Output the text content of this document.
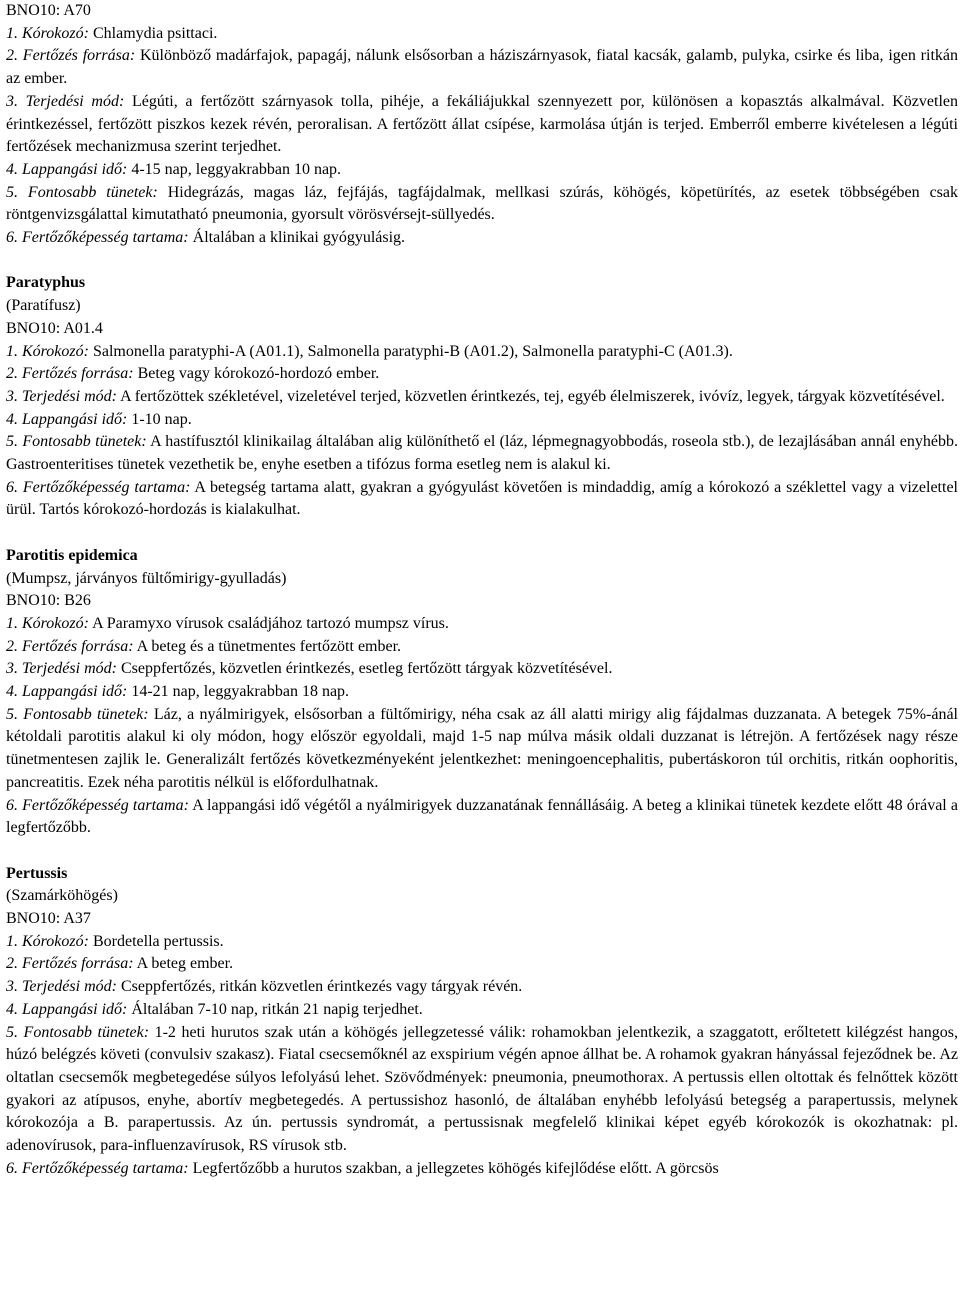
BNO10: A70

1. Kórokozó: Chlamydia psittaci.

2. Fertőzés forrása: Különböző madárfajok, papagáj, nálunk elsősorban a háziszárnyasok, fiatal kacsák, galamb, pulyka, csirke és liba, igen ritkán az ember.

3. Terjedési mód: Légúti, a fertőzött szárnyasok tolla, pihéje, a fekáliájukkal szennyezett por, különösen a kopasztás alkalmával. Közvetlen érintkezéssel, fertőzött piszkos kezek révén, peroralisan. A fertőzött állat csípése, karmolása útján is terjed. Emberről emberre kivételesen a légúti fertőzések mechanizmusa szerint terjedhet.

4. Lappangási idő: 4-15 nap, leggyakrabban 10 nap.

5. Fontosabb tünetek: Hidegrázás, magas láz, fejfájás, tagfájdalmak, mellkasi szúrás, köhögés, köpetürítés, az esetek többségében csak röntgenvizsgálattal kimutatható pneumonia, gyorsult vörösvérsejt-süllyedés.

6. Fertőzőképesség tartama: Általában a klinikai gyógyulásig.

Paratyphus

(Paratífusz)

BNO10: A01.4

1. Kórokozó: Salmonella paratyphi-A (A01.1), Salmonella paratyphi-B (A01.2), Salmonella paratyphi-C (A01.3).

2. Fertőzés forrása: Beteg vagy kórokozó-hordozó ember.

3. Terjedési mód: A fertőzöttek székletével, vizeletével terjed, közvetlen érintkezés, tej, egyéb élelmiszerek, ivóvíz, legyek, tárgyak közvetítésével.

4. Lappangási idő: 1-10 nap.

5. Fontosabb tünetek: A hastífusztól klinikailag általában alig különíthető el (láz, lépmegnagyobbodás, roseola stb.), de lezajlásában annál enyhébb. Gastroenteritises tünetek vezethetik be, enyhe esetben a tifózus forma esetleg nem is alakul ki.

6. Fertőzőképesség tartama: A betegség tartama alatt, gyakran a gyógyulást követően is mindaddig, amíg a kórokozó a széklettel vagy a vizelettel ürül. Tartós kórokozó-hordozás is kialakulhat.

Parotitis epidemica

(Mumpsz, járványos fültőmirigy-gyulladás)

BNO10: B26

1. Kórokozó: A Paramyxo vírusok családjához tartozó mumpsz vírus.

2. Fertőzés forrása: A beteg és a tünetmentes fertőzött ember.

3. Terjedési mód: Cseppfertőzés, közvetlen érintkezés, esetleg fertőzött tárgyak közvetítésével.

4. Lappangási idő: 14-21 nap, leggyakrabban 18 nap.

5. Fontosabb tünetek: Láz, a nyálmirigyek, elsősorban a fültőmirigy, néha csak az áll alatti mirigy alig fájdalmas duzzanata. A betegek 75%-ánál kétoldali parotitis alakul ki oly módon, hogy először egyoldali, majd 1-5 nap múlva másik oldali duzzanat is létrejön. A fertőzések nagy része tünetmentesen zajlik le. Generalizált fertőzés következményeként jelentkezhet: meningoencephalitis, pubertáskoron túl orchitis, ritkán oophoritis, pancreatitis. Ezek néha parotitis nélkül is előfordulhatnak.

6. Fertőzőképesség tartama: A lappangási idő végétől a nyálmirigyek duzzanatának fennállásáig. A beteg a klinikai tünetek kezdete előtt 48 órával a legfertőzőbb.

Pertussis

(Szamárköhögés)

BNO10: A37

1. Kórokozó: Bordetella pertussis.

2. Fertőzés forrása: A beteg ember.

3. Terjedési mód: Cseppfertőzés, ritkán közvetlen érintkezés vagy tárgyak révén.

4. Lappangási idő: Általában 7-10 nap, ritkán 21 napig terjedhet.

5. Fontosabb tünetek: 1-2 heti hurutos szak után a köhögés jellegzetessé válik: rohamokban jelentkezik, a szaggatott, erőltetett kilégzést hangos, húzó belégzés követi (convulsiv szakasz). Fiatal csecsemőknél az exspirium végén apnoe állhat be. A rohamok gyakran hányással fejeződnek be. Az oltatlan csecsemők megbetegedése súlyos lefolyású lehet. Szövődmények: pneumonia, pneumothorax. A pertussis ellen oltottak és felnőttek között gyakori az atípusos, enyhe, abortív megbetegedés. A pertussishoz hasonló, de általában enyhébb lefolyású betegség a parapertussis, melynek kórokozója a B. parapertussis. Az ún. pertussis syndromát, a pertussisnak megfelelő klinikai képet egyéb kórokozók is okozhatnak: pl. adenovírusok, para-influenzavírusok, RS vírusok stb.

6. Fertőzőképesség tartama: Legfertőzőbb a hurutos szakban, a jellegzetes köhögés kifejlődése előtt. A görcsös
